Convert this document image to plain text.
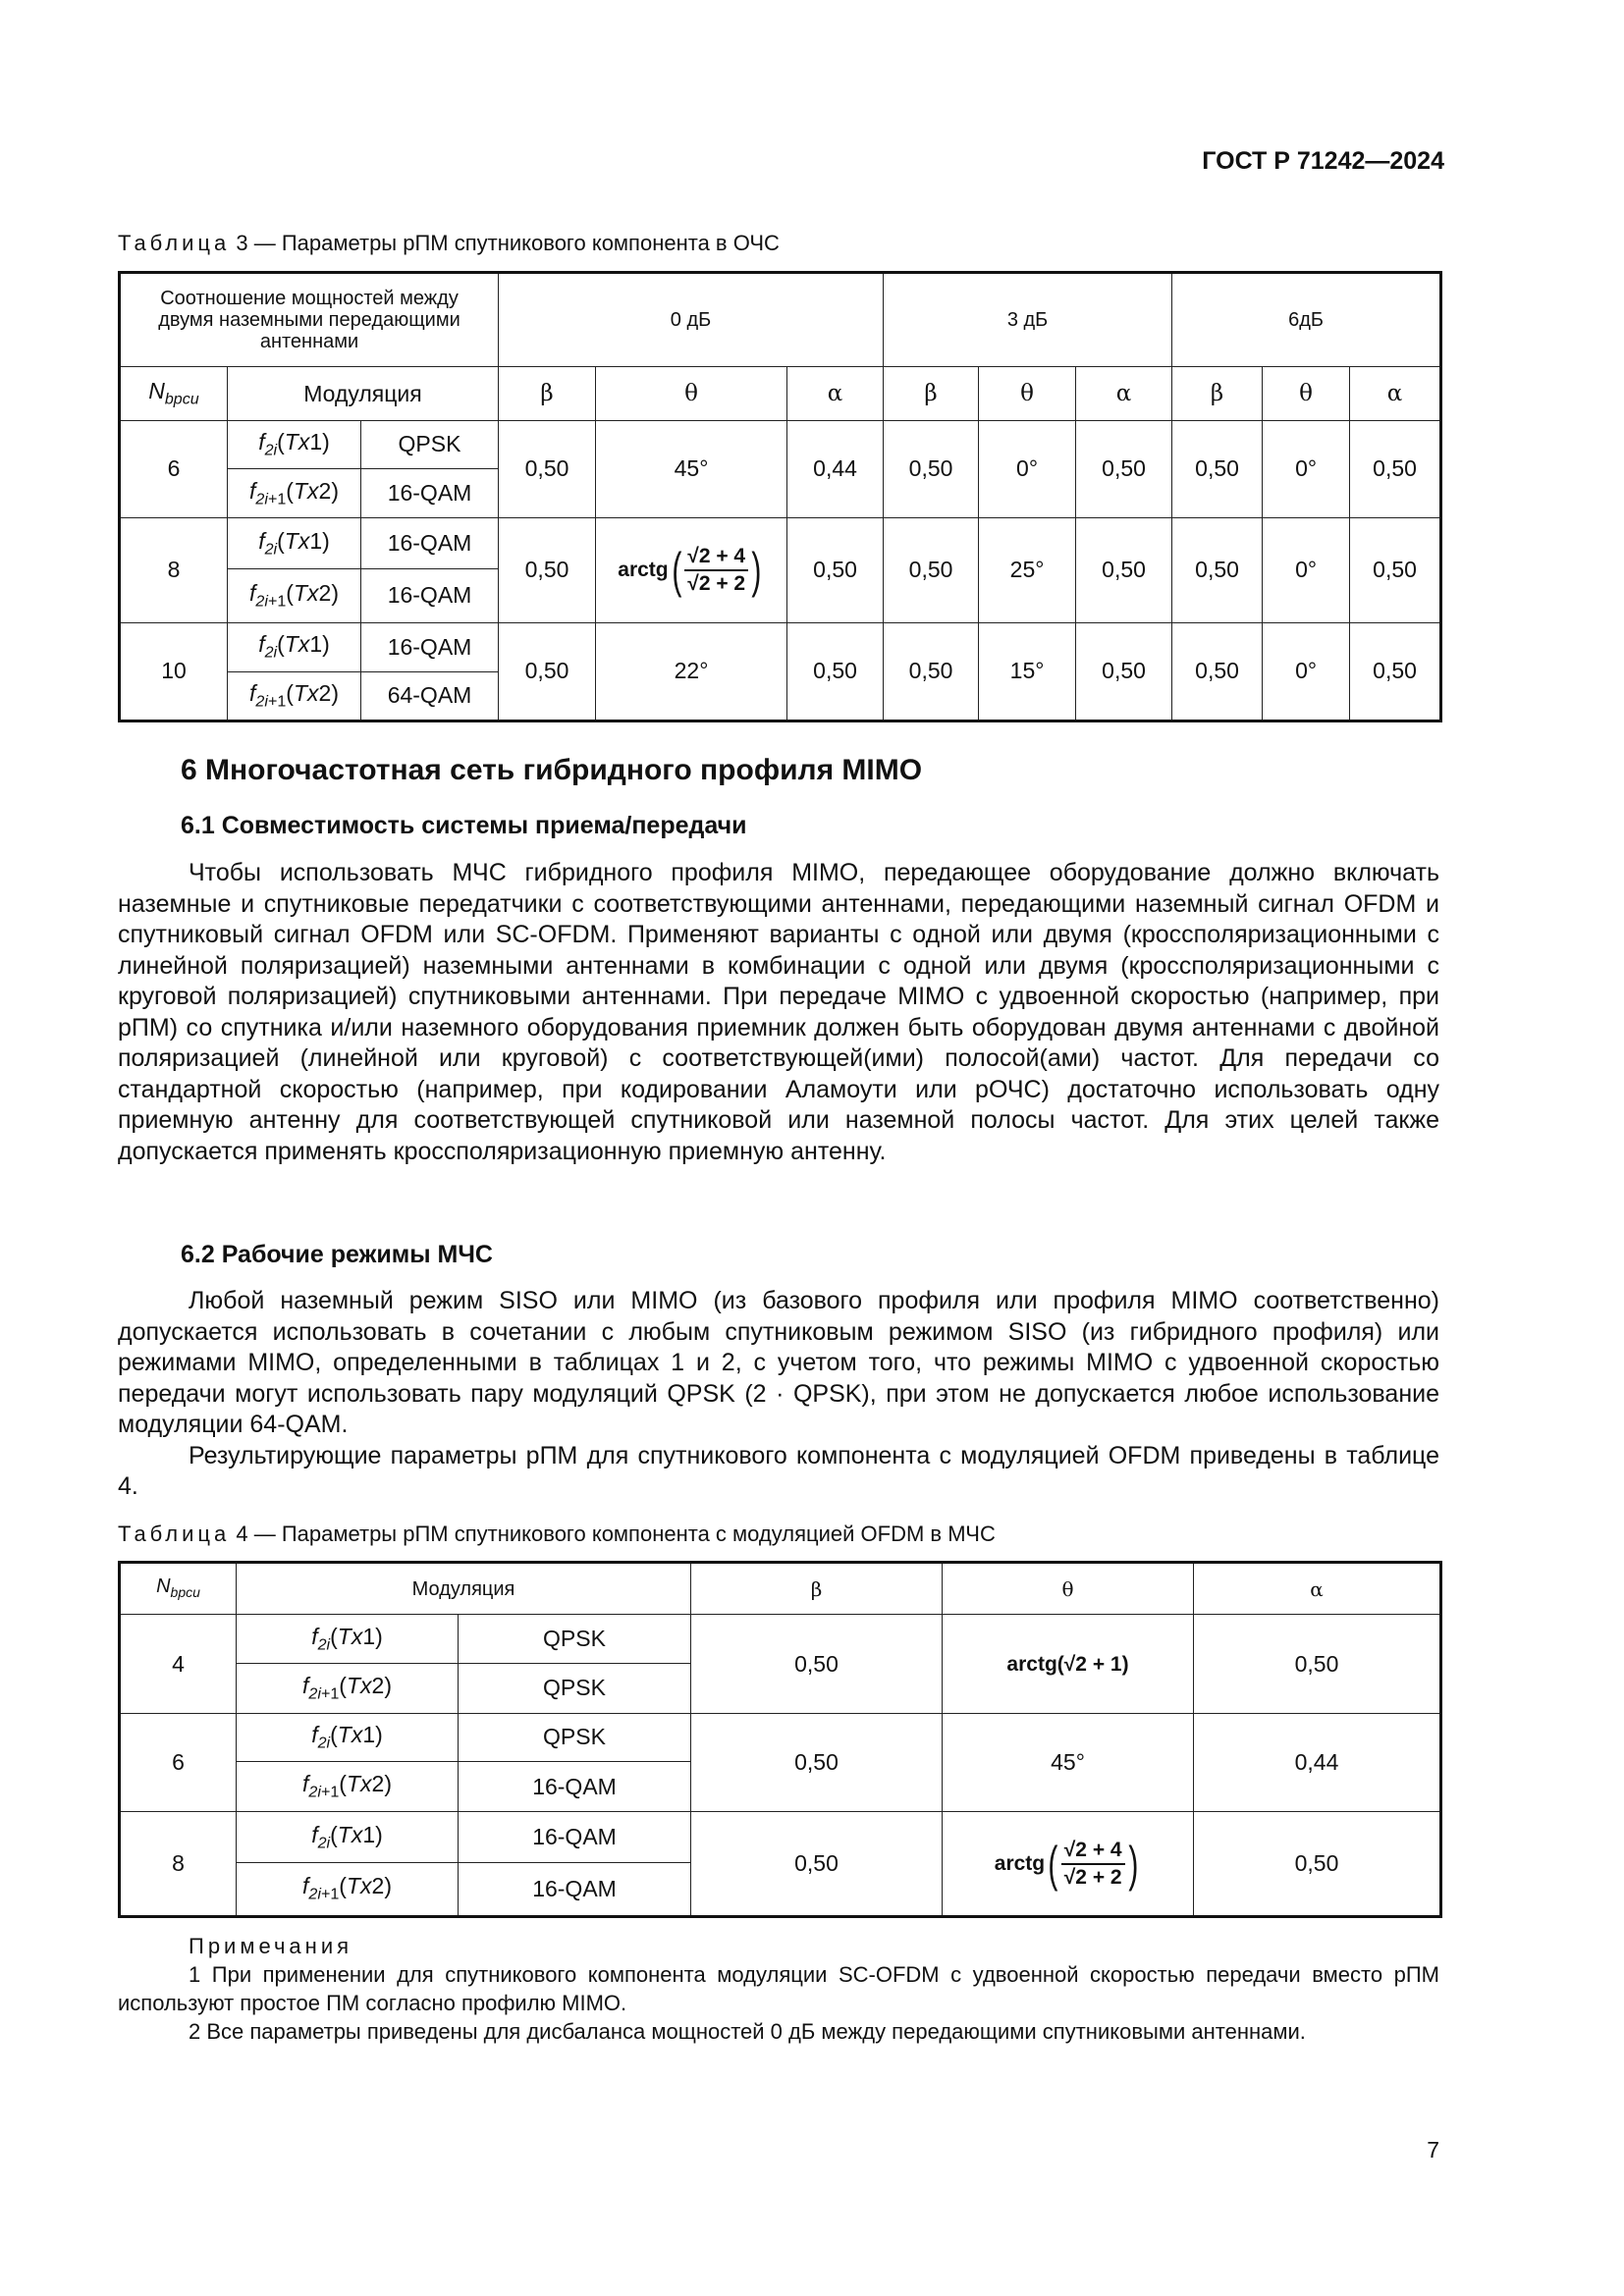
ГОСТ Р 71242—2024
Таблица 3 — Параметры рПМ спутникового компонента в ОЧС
Соотношение мощностей между двумя наземными передающими антеннами			0 дБ			3 дБ			6дБ		
$N_{bpcu}$	Модуляция		β	θ	α	β	θ	α	β	θ	α
6	$f_{2i}(Tx1)$	QPSK	0,50	45°	0,44	0,50	0°	0,50	0,50	0°	0,50
	$f_{2i+1}(Tx2)$	16-QAM									
8	$f_{2i}(Tx1)$	16-QAM	0,50	arctg ( $\frac{√2 + 4}{√2 + 2}$ )	0,50	0,50	25°	0,50	0,50	0°	0,50
	$f_{2i+1}(Tx2)$	16-QAM									
10	$f_{2i}(Tx1)$	16-QAM	0,50	22°	0,50	0,50	15°	0,50	0,50	0°	0,50
	$f_{2i+1}(Tx2)$	64-QAM									
6 Многочастотная сеть гибридного профиля MIMO
6.1 Совместимость системы приема/передачи

Чтобы использовать МЧС гибридного профиля MIMO, передающее оборудование должно включать наземные и спутниковые передатчики с соответствующими антеннами, передающими наземный сигнал OFDM и спутниковый сигнал OFDM или SC-OFDM. Применяют варианты с одной или двумя (кроссполяризационными с линейной поляризацией) наземными антеннами в комбинации с одной или двумя (кроссполяризационными с круговой поляризацией) спутниковыми антеннами. При передаче MIMO с удвоенной скоростью (например, при рПМ) со спутника и/или наземного оборудования приемник должен быть оборудован двумя антеннами с двойной поляризацией (линейной или круговой) с соответствующей(ими) полосой(ами) частот. Для передачи со стандартной скоростью (например, при кодировании Аламоути или рОЧС) достаточно использовать одну приемную антенну для соответствующей спутниковой или наземной полосы частот. Для этих целей также допускается применять кроссполяризационную приемную антенну.

6.2 Рабочие режимы МЧС

Любой наземный режим SISO или MIMO (из базового профиля или профиля MIMO соответственно) допускается использовать в сочетании с любым спутниковым режимом SISO (из гибридного профиля) или режимами MIMO, определенными в таблицах 1 и 2, с учетом того, что режимы MIMO с удвоенной скоростью передачи могут использовать пару модуляций QPSK (2 · QPSK), при этом не допускается любое использование модуляции 64-QAM.

Результирующие параметры рПМ для спутникового компонента с модуляцией OFDM приведены в таблице 4.

Таблица 4 — Параметры рПМ спутникового компонента с модуляцией OFDM в МЧС
$N_{bpcu}$	Модуляция		β	θ	α
4	$f_{2i}(Tx1)$	QPSK	0,50	arctg (√2 + 1)	0,50
	$f_{2i+1}(Tx2)$	QPSK			
6	$f_{2i}(Tx1)$	QPSK	0,50	45°	0,44
	$f_{2i+1}(Tx2)$	16-QAM			
8	$f_{2i}(Tx1)$	16-QAM	0,50	arctg ( $\frac{√2 + 4}{√2 + 2}$ )	0,50
	$f_{2i+1}(Tx2)$	16-QAM			

Примечания

1 При применении для спутникового компонента модуляции SC-OFDM с удвоенной скоростью передачи вместо рПМ используют простое ПМ согласно профилю MIMO.

2 Все параметры приведены для дисбаланса мощностей 0 дБ между передающими спутниковыми антеннами.

7
